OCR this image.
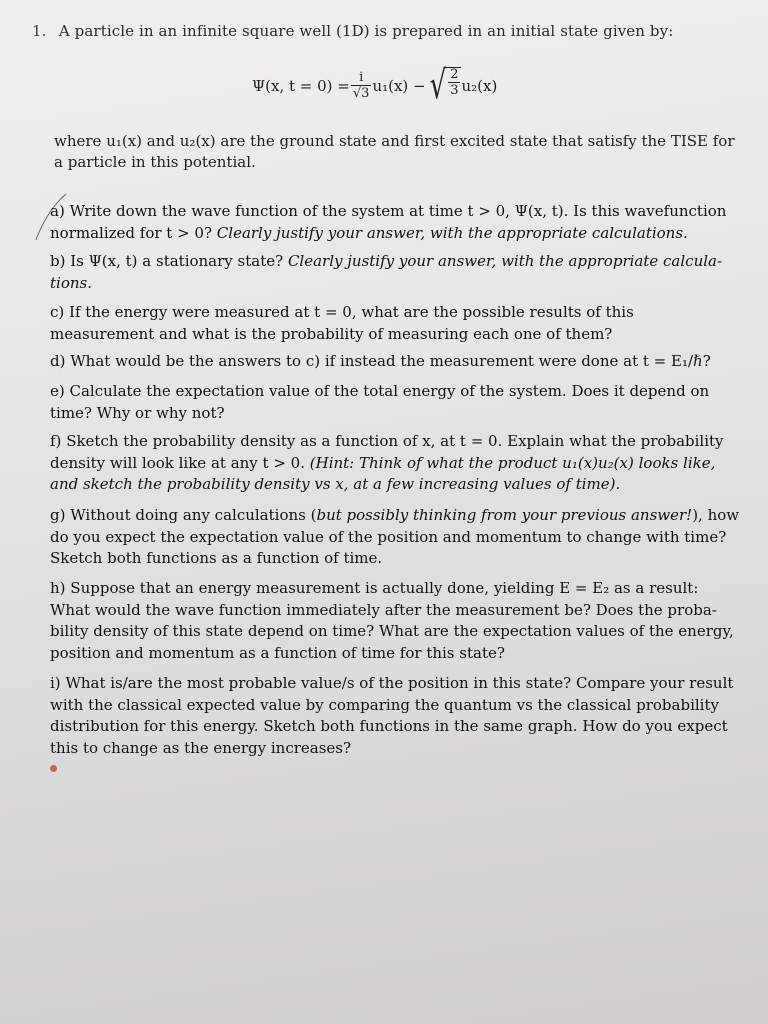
1. A particle in an infinite square well (1D) is prepared in an initial state given by:
Ψ(x, $t = 0) = \frac{i}{√3} u_1(x)$ − √ $\frac{2}{3} u_2(x)$
where u₁(x) and u₂(x) are the ground state and first excited state that satisfy the TISE for a particle in this potential.
a) Write down the wave function of the system at time t > 0, Ψ(x, t). Is this wavefunction normalized for t > 0? Clearly justify your answer, with the appropriate calculations.
b) Is Ψ(x, t) a stationary state? Clearly justify your answer, with the appropriate calcula-tions.
c) If the energy were measured at t = 0, what are the possible results of this measurement and what is the probability of measuring each one of them?
d) What would be the answers to c) if instead the measurement were done at t = E₁/ℏ?
e) Calculate the expectation value of the total energy of the system. Does it depend on time? Why or why not?
f) Sketch the probability density as a function of x, at t = 0. Explain what the probability density will look like at any t > 0. (Hint: Think of what the product u₁(x)u₂(x) looks like, and sketch the probability density vs x, at a few increasing values of time).
g) Without doing any calculations (but possibly thinking from your previous answer!), how do you expect the expectation value of the position and momentum to change with time? Sketch both functions as a function of time.
h) Suppose that an energy measurement is actually done, yielding E = E₂ as a result: What would the wave function immediately after the measurement be? Does the proba-bility density of this state depend on time? What are the expectation values of the energy, position and momentum as a function of time for this state?
i) What is/are the most probable value/s of the position in this state? Compare your result with the classical expected value by comparing the quantum vs the classical probability distribution for this energy. Sketch both functions in the same graph. How do you expect this to change as the energy increases?
